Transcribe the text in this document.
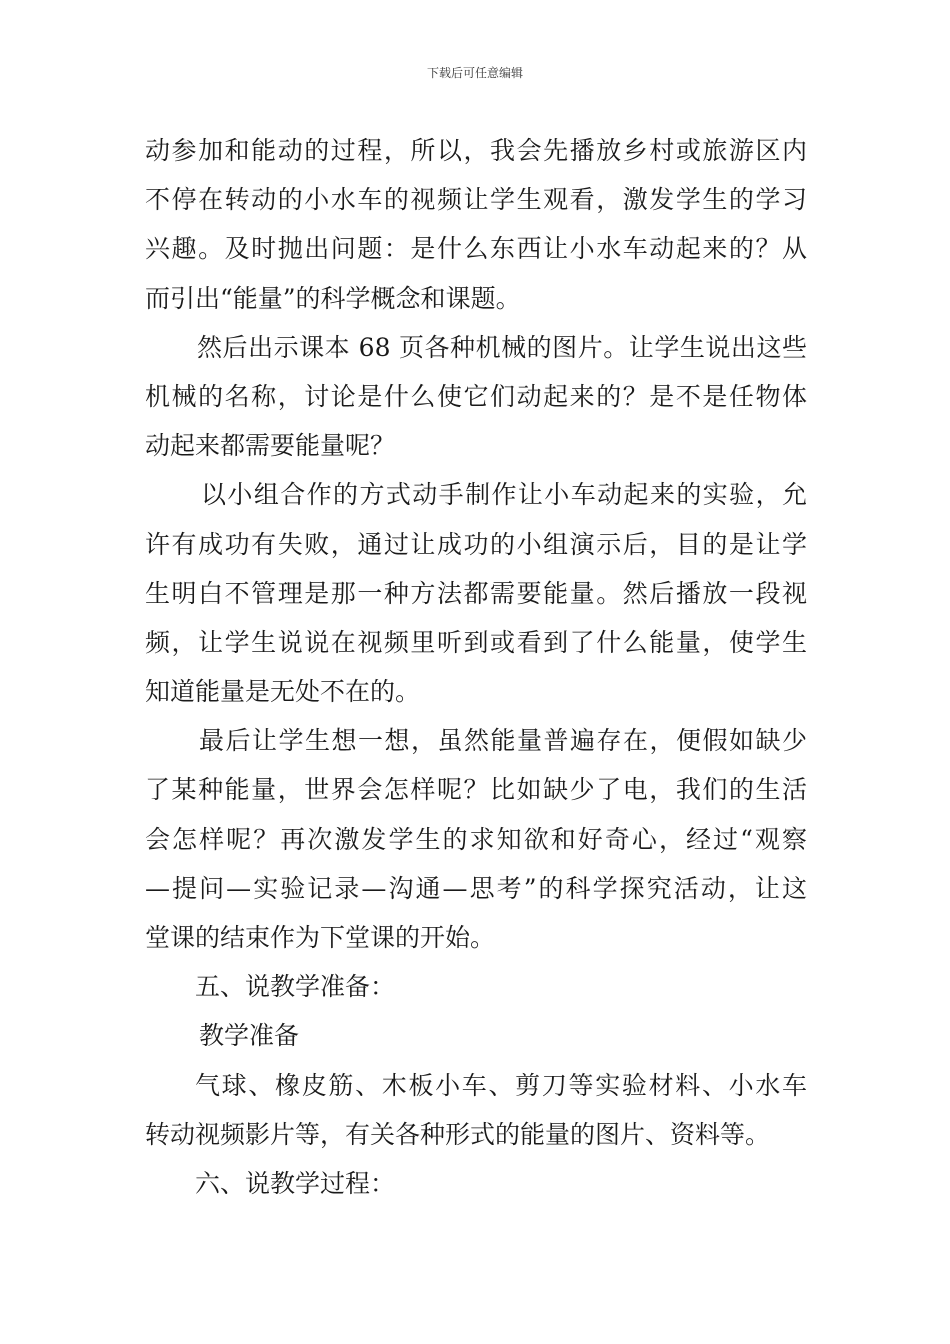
下载后可任意编辑
动参加和能动的过程，所以，我会先播放乡村或旅游区内
不停在转动的小水车的视频让学生观看，激发学生的学习
兴趣。及时抛出问题：是什么东西让小水车动起来的？从
而引出“能量”的科学概念和课题。
然后出示课本 68 页各种机械的图片。让学生说出这些
机械的名称，讨论是什么使它们动起来的？是不是任物体
动起来都需要能量呢？
以小组合作的方式动手制作让小车动起来的实验，允
许有成功有失败，通过让成功的小组演示后，目的是让学
生明白不管理是那一种方法都需要能量。然后播放一段视
频，让学生说说在视频里听到或看到了什么能量，使学生
知道能量是无处不在的。
最后让学生想一想，虽然能量普遍存在，便假如缺少
了某种能量，世界会怎样呢？比如缺少了电，我们的生活
会怎样呢？再次激发学生的求知欲和好奇心，经过“观察
—提问—实验记录—沟通—思考”的科学探究活动，让这
堂课的结束作为下堂课的开始。
五、说教学准备：
教学准备
气球、橡皮筋、木板小车、剪刀等实验材料、小水车
转动视频影片等，有关各种形式的能量的图片、资料等。
六、说教学过程：
